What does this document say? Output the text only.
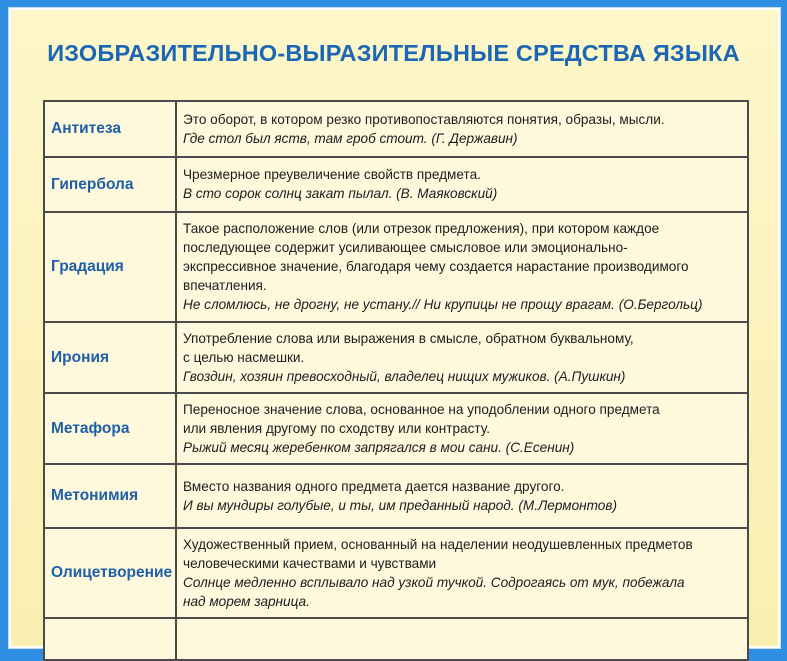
ИЗОБРАЗИТЕЛЬНО-ВЫРАЗИТЕЛЬНЫЕ СРЕДСТВА ЯЗЫКА
Антитеза
Это оборот, в котором резко противопоставляются понятия, образы, мысли.
Где стол был яств, там гроб стоит. (Г. Державин)
Гипербола
Чрезмерное преувеличение свойств предмета.
В сто сорок солнц закат пылал. (В. Маяковский)
Градация
Такое расположение слов (или отрезок предложения), при котором каждое
последующее содержит усиливающее смысловое или эмоционально-
экспрессивное значение, благодаря чему создается нарастание производимого
впечатления.
Не сломлюсь, не дрогну, не устану.// Ни крупицы не прощу врагам. (О.Бергольц)
Ирония
Употребление слова или выражения в смысле, обратном буквальному,
с целью насмешки.
Гвоздин, хозяин превосходный, владелец нищих мужиков. (А.Пушкин)
Метафора
Переносное значение слова, основанное на уподоблении одного предмета
или явления другому по сходству или контрасту.
Рыжий месяц жеребенком запрягался в мои сани. (С.Есенин)
Метонимия
Вместо названия одного предмета дается название другого.
И вы мундиры голубые, и ты, им преданный народ. (М.Лермонтов)
Олицетворение
Художественный прием, основанный на наделении неодушевленных предметов
человеческими качествами и чувствами
Солнце медленно всплывало над узкой тучкой. Содрогаясь от мук, побежала
над морем зарница.
